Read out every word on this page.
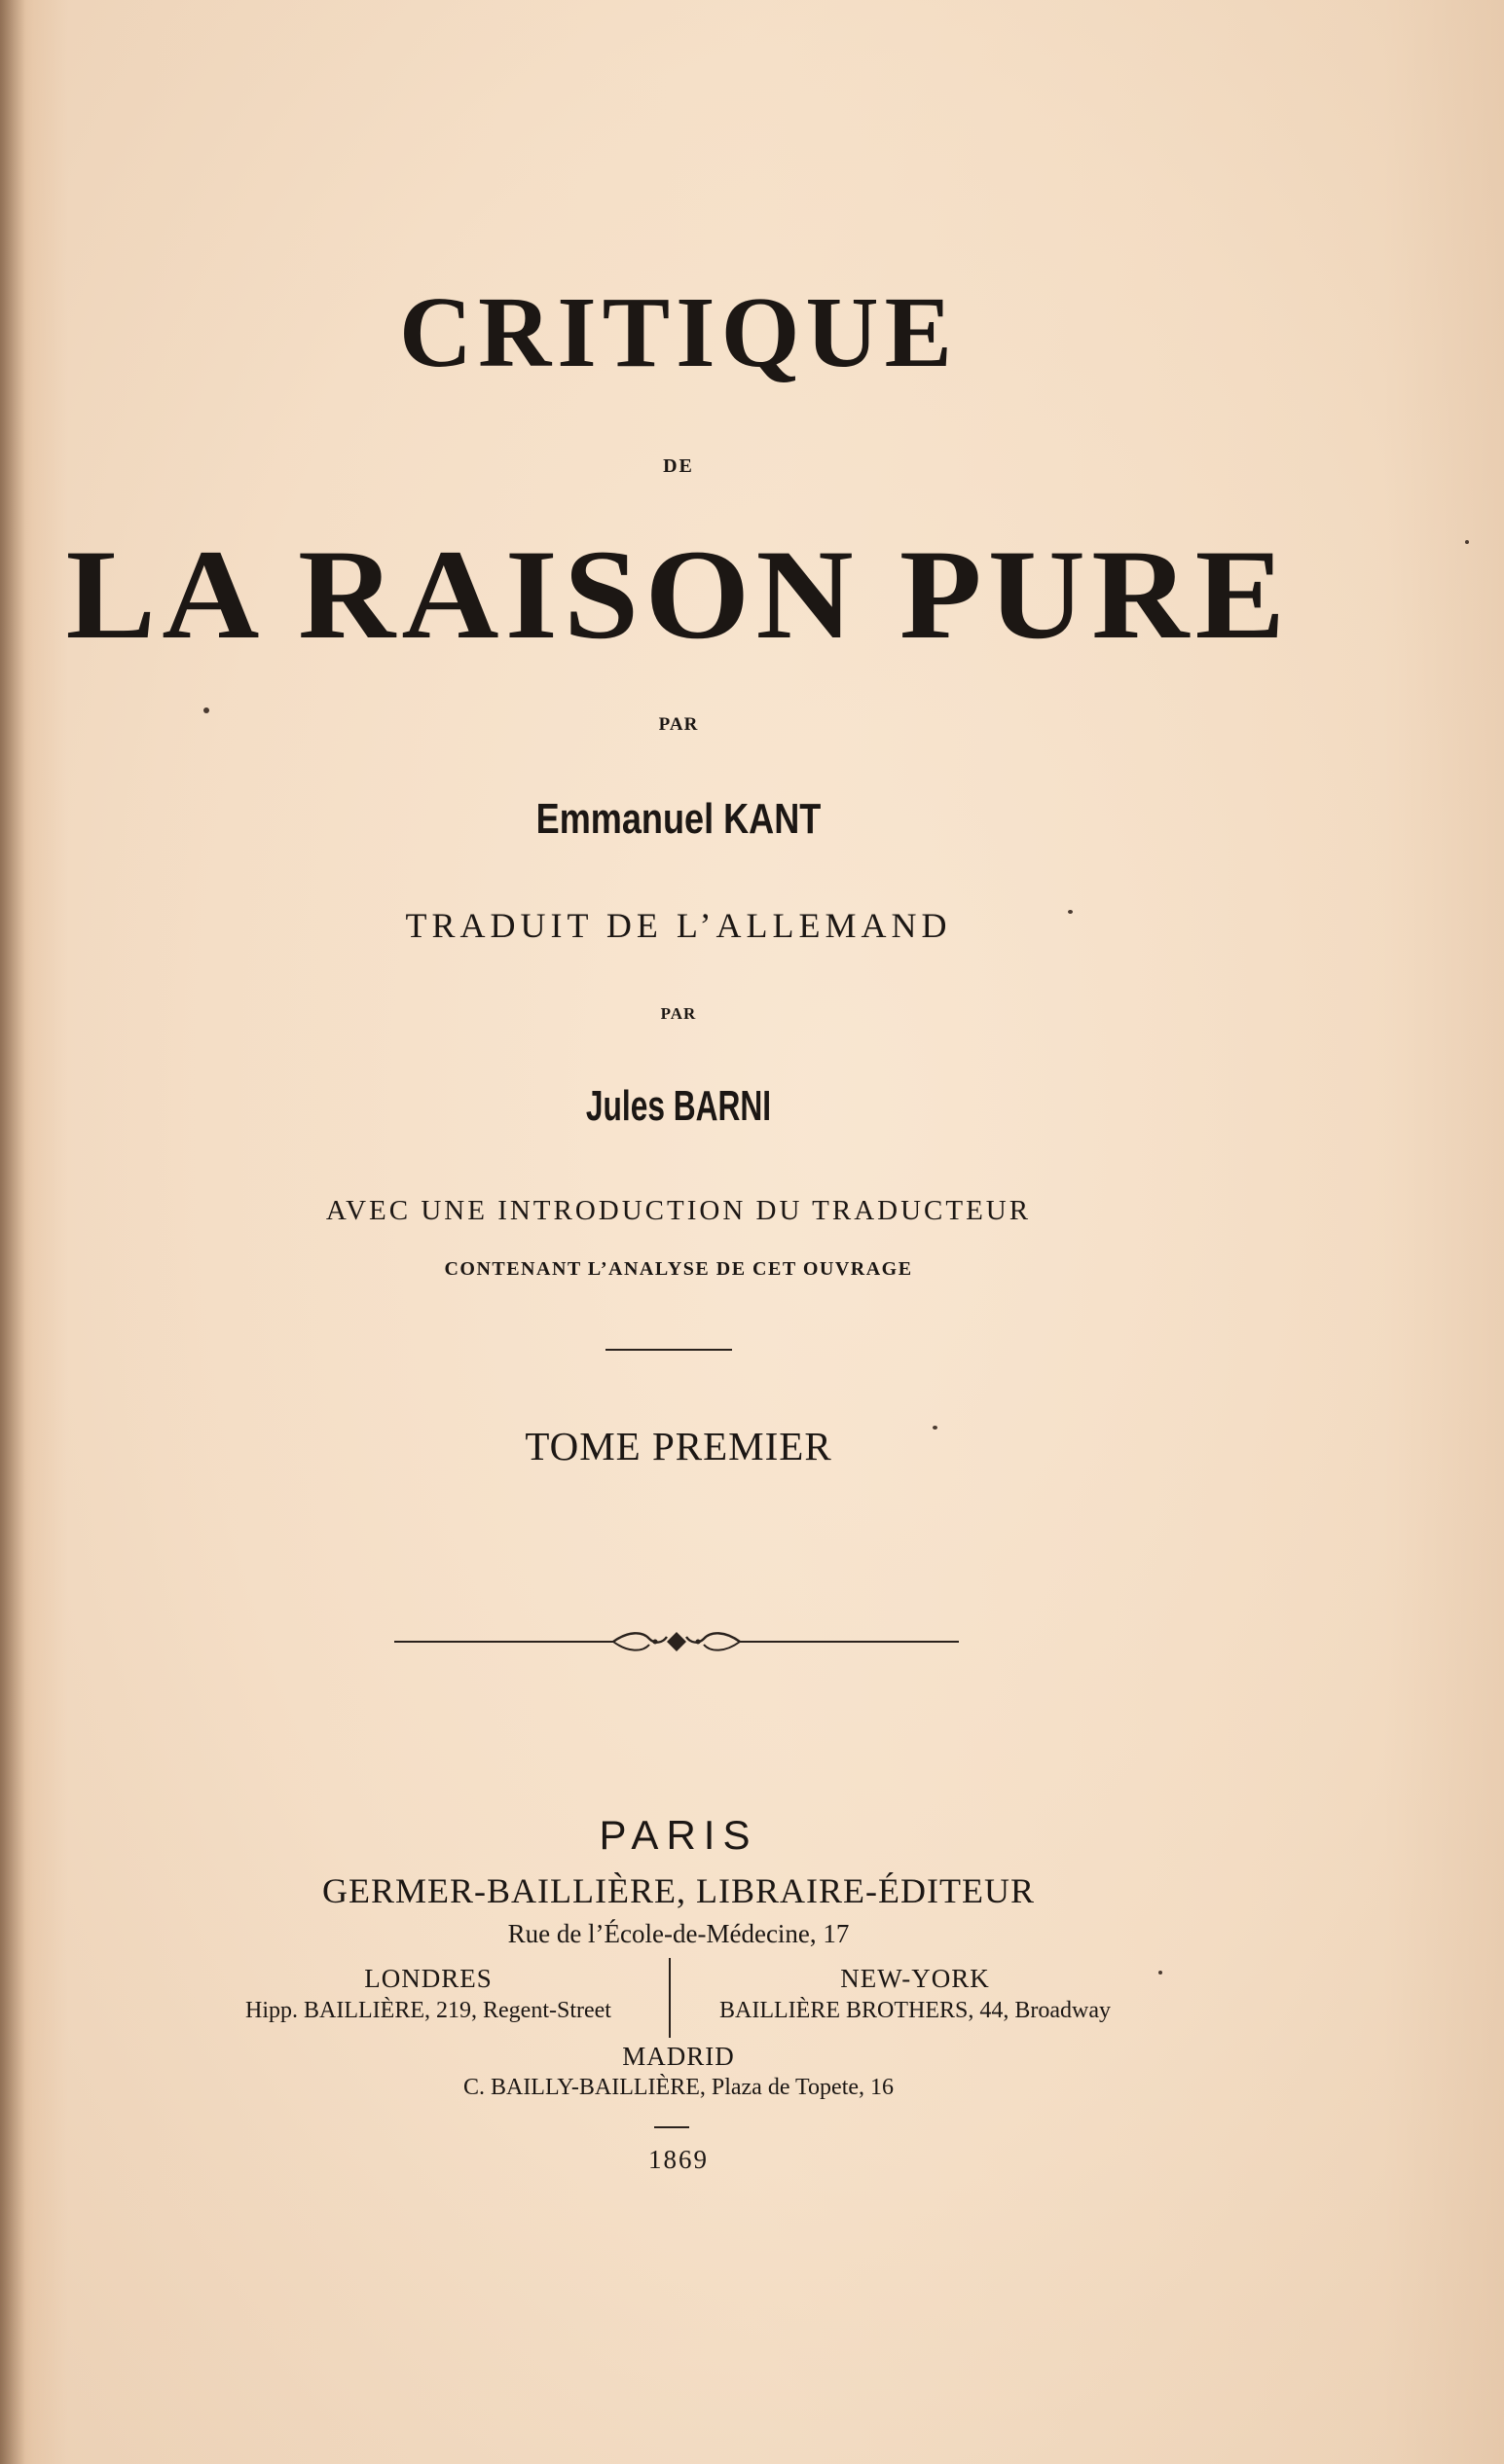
CRITIQUE
DE
LA RAISON PURE
PAR
Emmanuel KANT
TRADUIT DE L’ALLEMAND
PAR
Jules BARNI
AVEC UNE INTRODUCTION DU TRADUCTEUR
CONTENANT L’ANALYSE DE CET OUVRAGE
TOME PREMIER
PARIS
GERMER-BAILLIÈRE, LIBRAIRE-ÉDITEUR
Rue de l’École-de-Médecine, 17
LONDRES
Hipp. BAILLIÈRE, 219, Regent-Street
NEW-YORK
BAILLIÈRE BROTHERS, 44, Broadway
MADRID
C. BAILLY-BAILLIÈRE, Plaza de Topete, 16
1869
